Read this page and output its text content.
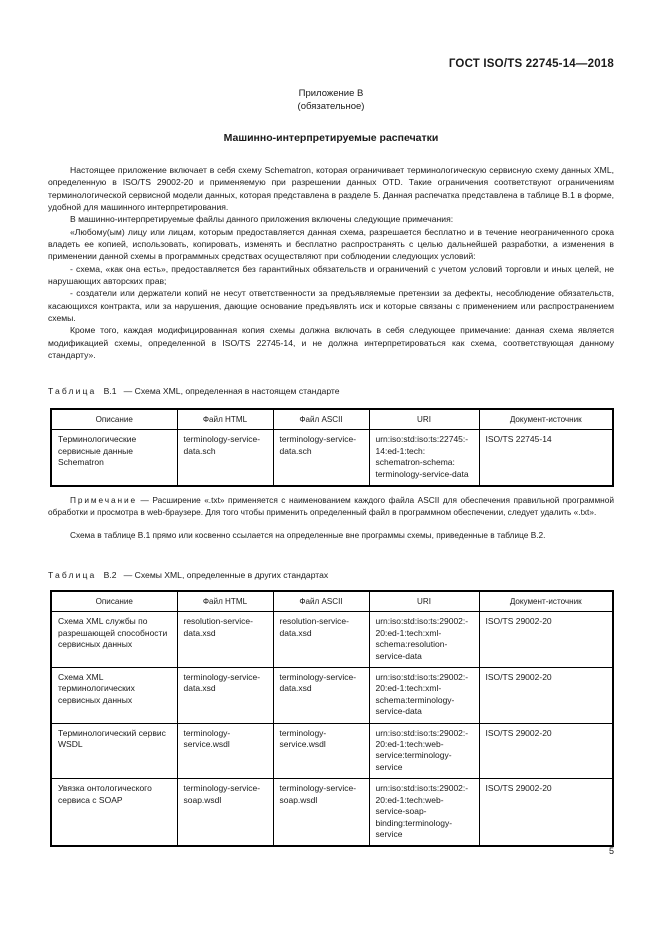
ГОСТ ISO/TS 22745-14—2018
Приложение В
(обязательное)
Машинно-интерпретируемые распечатки

Настоящее приложение включает в себя схему Schematron, которая ограничивает терминологическую сервисную схему данных XML, определенную в ISO/TS 29002-20 и применяемую при разрешении данных OTD. Такие ограничения соответствуют ограничениям терминологической сервисной модели данных, которая представлена в разделе 5. Данная распечатка представлена в таблице В.1 в форме, удобной для машинного интерпретирования.

В машинно-интерпретируемые файлы данного приложения включены следующие примечания:

«Любому(ым) лицу или лицам, которым предоставляется данная схема, разрешается бесплатно и в течение неограниченного срока владеть ее копией, использовать, копировать, изменять и бесплатно распространять с целью дальнейшей разработки, а изменения в применении данной схемы в программных средствах осуществляют при соблюдении следующих условий:

- схема, «как она есть», предоставляется без гарантийных обязательств и ограничений с учетом условий торговли и иных целей, не нарушающих авторских прав;

- создатели или держатели копий не несут ответственности за предъявляемые претензии за дефекты, несоблюдение обязательств, касающихся контракта, или за нарушения, дающие основание предъявлять иск и которые связаны с применением или распространением схемы.

Кроме того, каждая модифицированная копия схемы должна включать в себя следующее примечание: данная схема является модификацией схемы, определенной в ISO/TS 22745-14, и не должна интерпретироваться как схема, соответствующая данному стандарту».

Таблица В.1 — Схема XML, определенная в настоящем стандарте
Описание	Файл HTML	Файл ASCII	URI	Документ-источник
Терминологические сервисные данные Schematron	terminology-service-data.sch	terminology-service-data.sch	urn:iso:std:iso:ts:22745:-14:ed-1:tech: schematron-schema: terminology-service-data	ISO/TS 22745-14

Примечание — Расширение «.txt» применяется с наименованием каждого файла ASCII для обеспечения правильной программной обработки и просмотра в web-браузере. Для того чтобы применить определенный файл в программном обеспечении, следует удалить «.txt».

Схема в таблице В.1 прямо или косвенно ссылается на определенные вне программы схемы, приведенные в таблице В.2.

Таблица В.2 — Схемы XML, определенные в других стандартах
Описание	Файл HTML	Файл ASCII	URI	Документ-источник
Схема XML службы по разрешающей способности сервисных данных	resolution-service-data.xsd	resolution-service-data.xsd	urn:iso:std:iso:ts:29002:-20:ed-1:tech:xml-schema:resolution-service-data	ISO/TS 29002-20
Схема XML терминологических сервисных данных	terminology-service-data.xsd	terminology-service-data.xsd	urn:iso:std:iso:ts:29002:-20:ed-1:tech:xml-schema:terminology-service-data	ISO/TS 29002-20
Терминологический сервис WSDL	terminology-service.wsdl	terminology-service.wsdl	urn:iso:std:iso:ts:29002:-20:ed-1:tech:web-service:terminology-service	ISO/TS 29002-20
Увязка онтологического сервиса с SOAP	terminology-service-soap.wsdl	terminology-service-soap.wsdl	urn:iso:std:iso:ts:29002:-20:ed-1:tech:web-service-soap-binding:terminology-service	ISO/TS 29002-20
5
